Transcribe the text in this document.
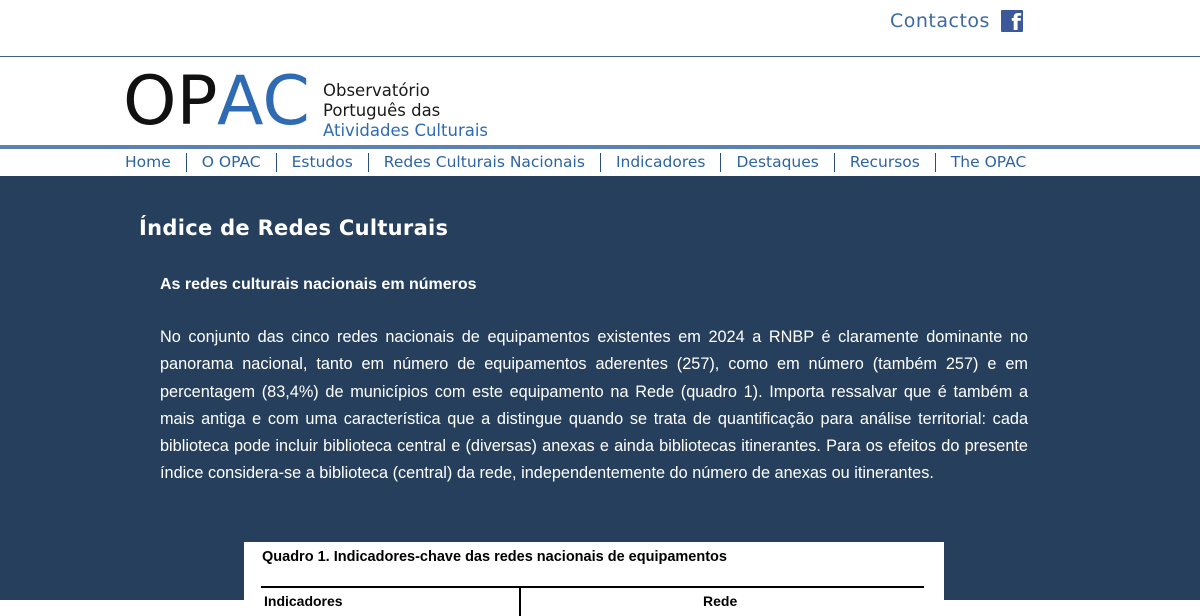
Contactos f
OP AC Observatório
Português das
Atividades Culturais
Home	O OPAC	Estudos	Redes Culturais Nacionais	Indicadores	Destaques	Recursos	The OPAC
Índice de Redes Culturais
As redes culturais nacionais em números

No conjunto das cinco redes nacionais de equipamentos existentes em 2024 a RNBP é claramente dominante no panorama nacional, tanto em número de equipamentos aderentes (257), como em número (também 257) e em percentagem (83,4%) de municípios com este equipamento na Rede (quadro 1). Importa ressalvar que é também a mais antiga e com uma característica que a distingue quando se trata de quantificação para análise territorial: cada biblioteca pode incluir biblioteca central e (diversas) anexas e ainda bibliotecas itinerantes. Para os efeitos do presente índice considera-se a biblioteca (central) da rede, independentemente do número de anexas ou itinerantes.

Quadro 1. Indicadores-chave das redes nacionais de equipamentos
Indicadores	Rede
